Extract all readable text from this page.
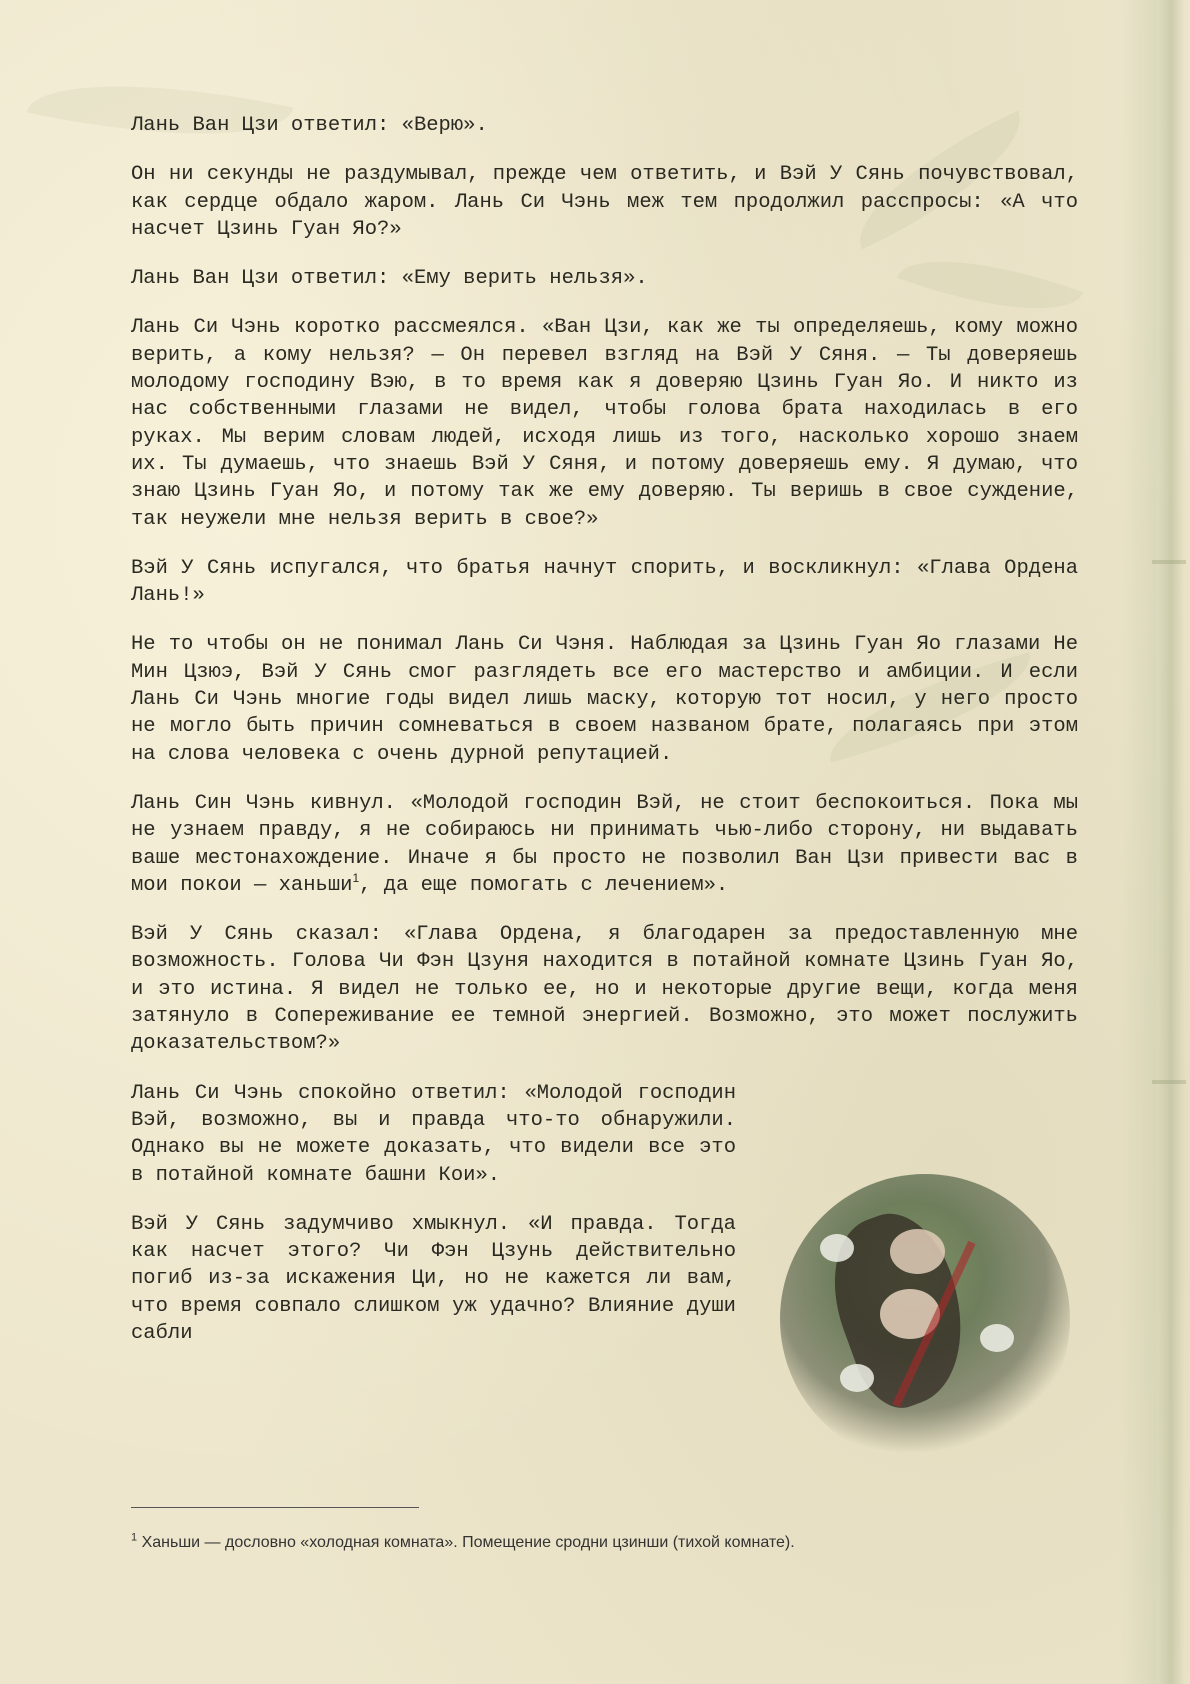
Лань Ван Цзи ответил: «Верю».

Он ни секунды не раздумывал, прежде чем ответить, и Вэй У Сянь почувствовал, как сердце обдало жаром. Лань Си Чэнь меж тем продолжил расспросы: «А что насчет Цзинь Гуан Яо?»

Лань Ван Цзи ответил: «Ему верить нельзя».

Лань Си Чэнь коротко рассмеялся. «Ван Цзи, как же ты определяешь, кому можно верить, а кому нельзя? — Он перевел взгляд на Вэй У Сяня. — Ты доверяешь молодому господину Вэю, в то время как я доверяю Цзинь Гуан Яо. И никто из нас собственными глазами не видел, чтобы голова брата находилась в его руках. Мы верим словам людей, исходя лишь из того, насколько хорошо знаем их. Ты думаешь, что знаешь Вэй У Сяня, и потому доверяешь ему. Я думаю, что знаю Цзинь Гуан Яо, и потому так же ему доверяю. Ты веришь в свое суждение, так неужели мне нельзя верить в свое?»

Вэй У Сянь испугался, что братья начнут спорить, и воскликнул: «Глава Ордена Лань!»

Не то чтобы он не понимал Лань Си Чэня. Наблюдая за Цзинь Гуан Яо глазами Не Мин Цзюэ, Вэй У Сянь смог разглядеть все его мастерство и амбиции. И если Лань Си Чэнь многие годы видел лишь маску, которую тот носил, у него просто не могло быть причин сомневаться в своем названом брате, полагаясь при этом на слова человека с очень дурной репутацией.

Лань Син Чэнь кивнул. «Молодой господин Вэй, не стоит беспокоиться. Пока мы не узнаем правду, я не собираюсь ни принимать чью-либо сторону, ни выдавать ваше местонахождение. Иначе я бы просто не позволил Ван Цзи привести вас в мои покои — ханьши$^1$, да еще помогать с лечением».

Вэй У Сянь сказал: «Глава Ордена, я благодарен за предоставленную мне возможность. Голова Чи Фэн Цзуня находится в потайной комнате Цзинь Гуан Яо, и это истина. Я видел не только ее, но и некоторые другие вещи, когда меня затянуло в Сопереживание ее темной энергией. Возможно, это может послужить доказательством?»

Лань Си Чэнь спокойно ответил: «Молодой господин Вэй, возможно, вы и правда что-то обнаружили. Однако вы не можете доказать, что видели все это в потайной комнате башни Кои».

Вэй У Сянь задумчиво хмыкнул. «И правда. Тогда как насчет этого? Чи Фэн Цзунь действительно погиб из-за искажения Ци, но не кажется ли вам, что время совпало слишком уж удачно? Влияние души сабли

$^1$ Ханьши — дословно «холодная комната». Помещение сродни цзинши (тихой комнате).
